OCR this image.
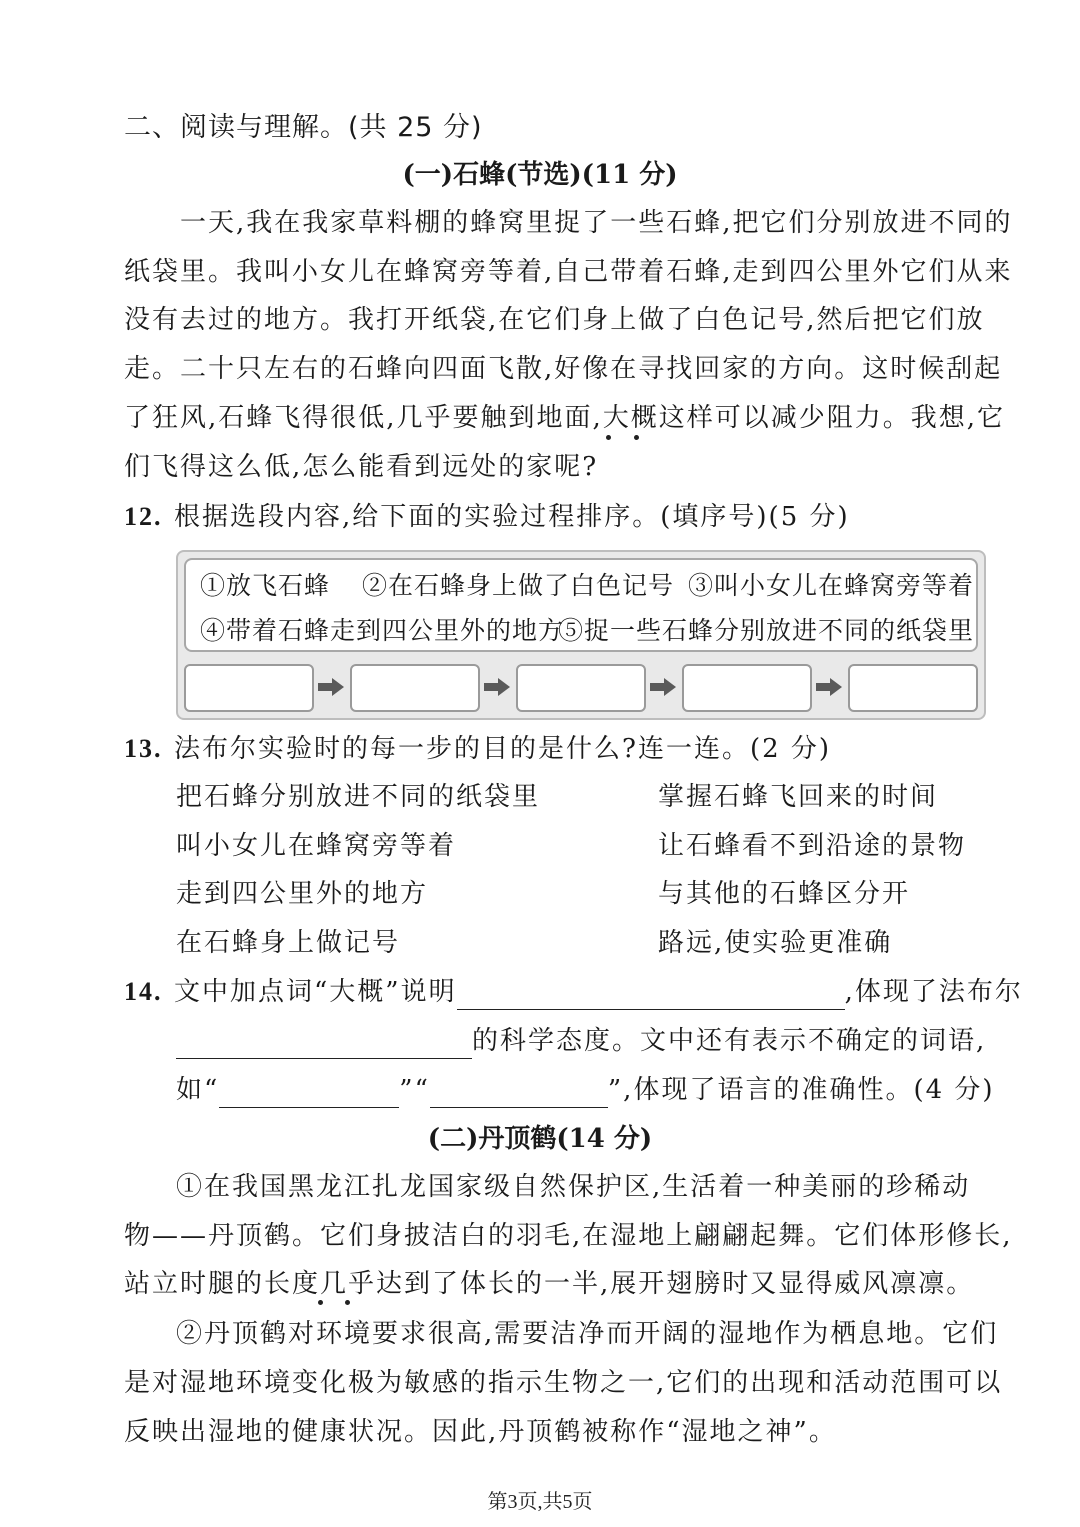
二、阅读与理解。(共 25 分)
(一)石蜂(节选)(11 分)
一天,我在我家草料棚的蜂窝里捉了一些石蜂,把它们分别放进不同的
纸袋里。我叫小女儿在蜂窝旁等着,自己带着石蜂,走到四公里外它们从来
没有去过的地方。我打开纸袋,在它们身上做了白色记号,然后把它们放
走。二十只左右的石蜂向四面飞散,好像在寻找回家的方向。这时候刮起
了狂风,石蜂飞得很低,几乎要触到地面,大概这样可以减少阻力。我想,它
们飞得这么低,怎么能看到远处的家呢?
12. 根据选段内容,给下面的实验过程排序。(填序号)(5 分)
①放飞石蜂 ②在石蜂身上做了白色记号 ③叫小女儿在蜂窝旁等着
④带着石蜂走到四公里外的地方
⑤捉一些石蜂分别放进不同的纸袋里
13. 法布尔实验时的每一步的目的是什么?连一连。(2 分)
把石蜂分别放进不同的纸袋里
叫小女儿在蜂窝旁等着
走到四公里外的地方
在石蜂身上做记号
掌握石蜂飞回来的时间
让石蜂看不到沿途的景物
与其他的石蜂区分开
路远,使实验更准确
14. 文中加点词“大概”说明	,体现了法布尔
的科学态度。文中还有表示不确定的词语,
如“	”“	”,体现了语言的准确性。(4 分)
(二)丹顶鹤(14 分)
①在我国黑龙江扎龙国家级自然保护区,生活着一种美丽的珍稀动
物——丹顶鹤。它们身披洁白的羽毛,在湿地上翩翩起舞。它们体形修长,
站立时腿的长度几乎达到了体长的一半,展开翅膀时又显得威风凛凛。
②丹顶鹤对环境要求很高,需要洁净而开阔的湿地作为栖息地。它们
是对湿地环境变化极为敏感的指示生物之一,它们的出现和活动范围可以
反映出湿地的健康状况。因此,丹顶鹤被称作“湿地之神”。
第3页,共5页
